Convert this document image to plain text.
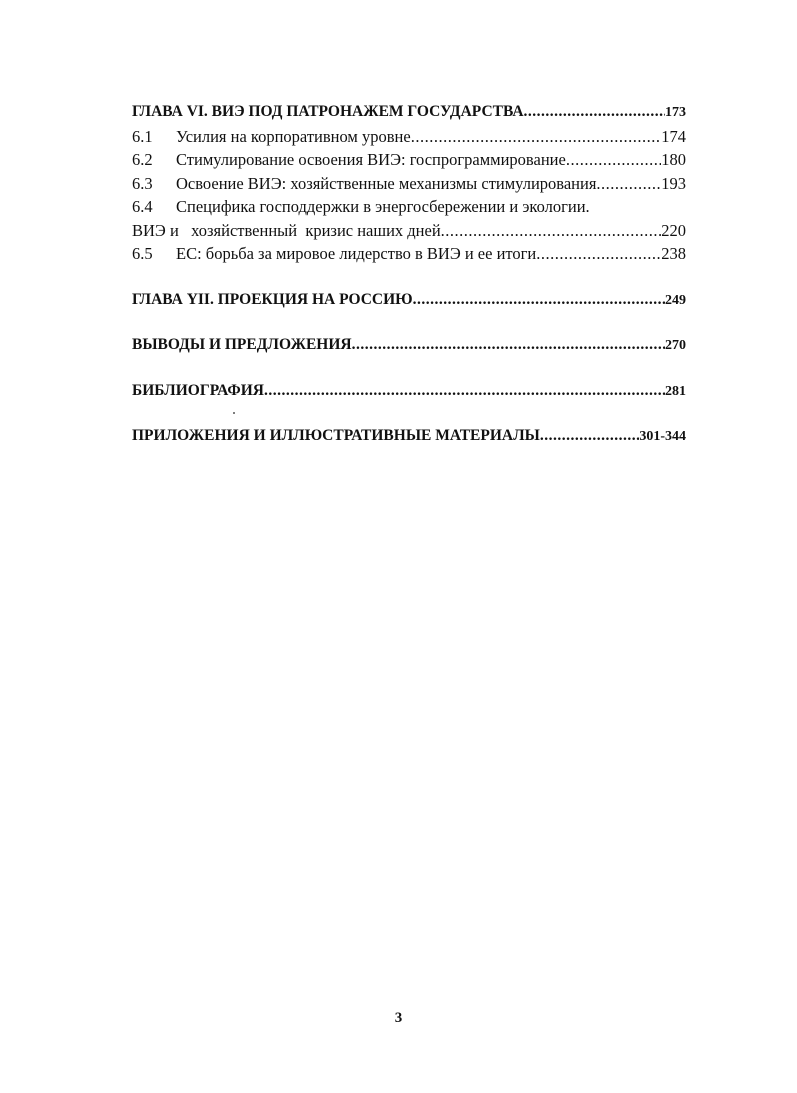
ГЛАВА VI. ВИЭ ПОД ПАТРОНАЖЕМ ГОСУДАРСТВА .....	173
6.1	Усилия на корпоративном уровне .....	174
6.2	Стимулирование освоения ВИЭ: госпрограммирование .....	180
6.3	Освоение ВИЭ: хозяйственные механизмы стимулирования .....	193
6.4	Специфика господдержки в энергосбережении и экологии.
ВИЭ и   хозяйственный  кризис наших дней .....	220
6.5	ЕС: борьба за мировое лидерство в ВИЭ и ее итоги .....	238
ГЛАВА YII. ПРОЕКЦИЯ НА РОССИЮ .....	249
ВЫВОДЫ И ПРЕДЛОЖЕНИЯ .....	270
БИБЛИОГРАФИЯ .....	281
ПРИЛОЖЕНИЯ И ИЛЛЮСТРАТИВНЫЕ МАТЕРИАЛЫ .....	301-344
3
